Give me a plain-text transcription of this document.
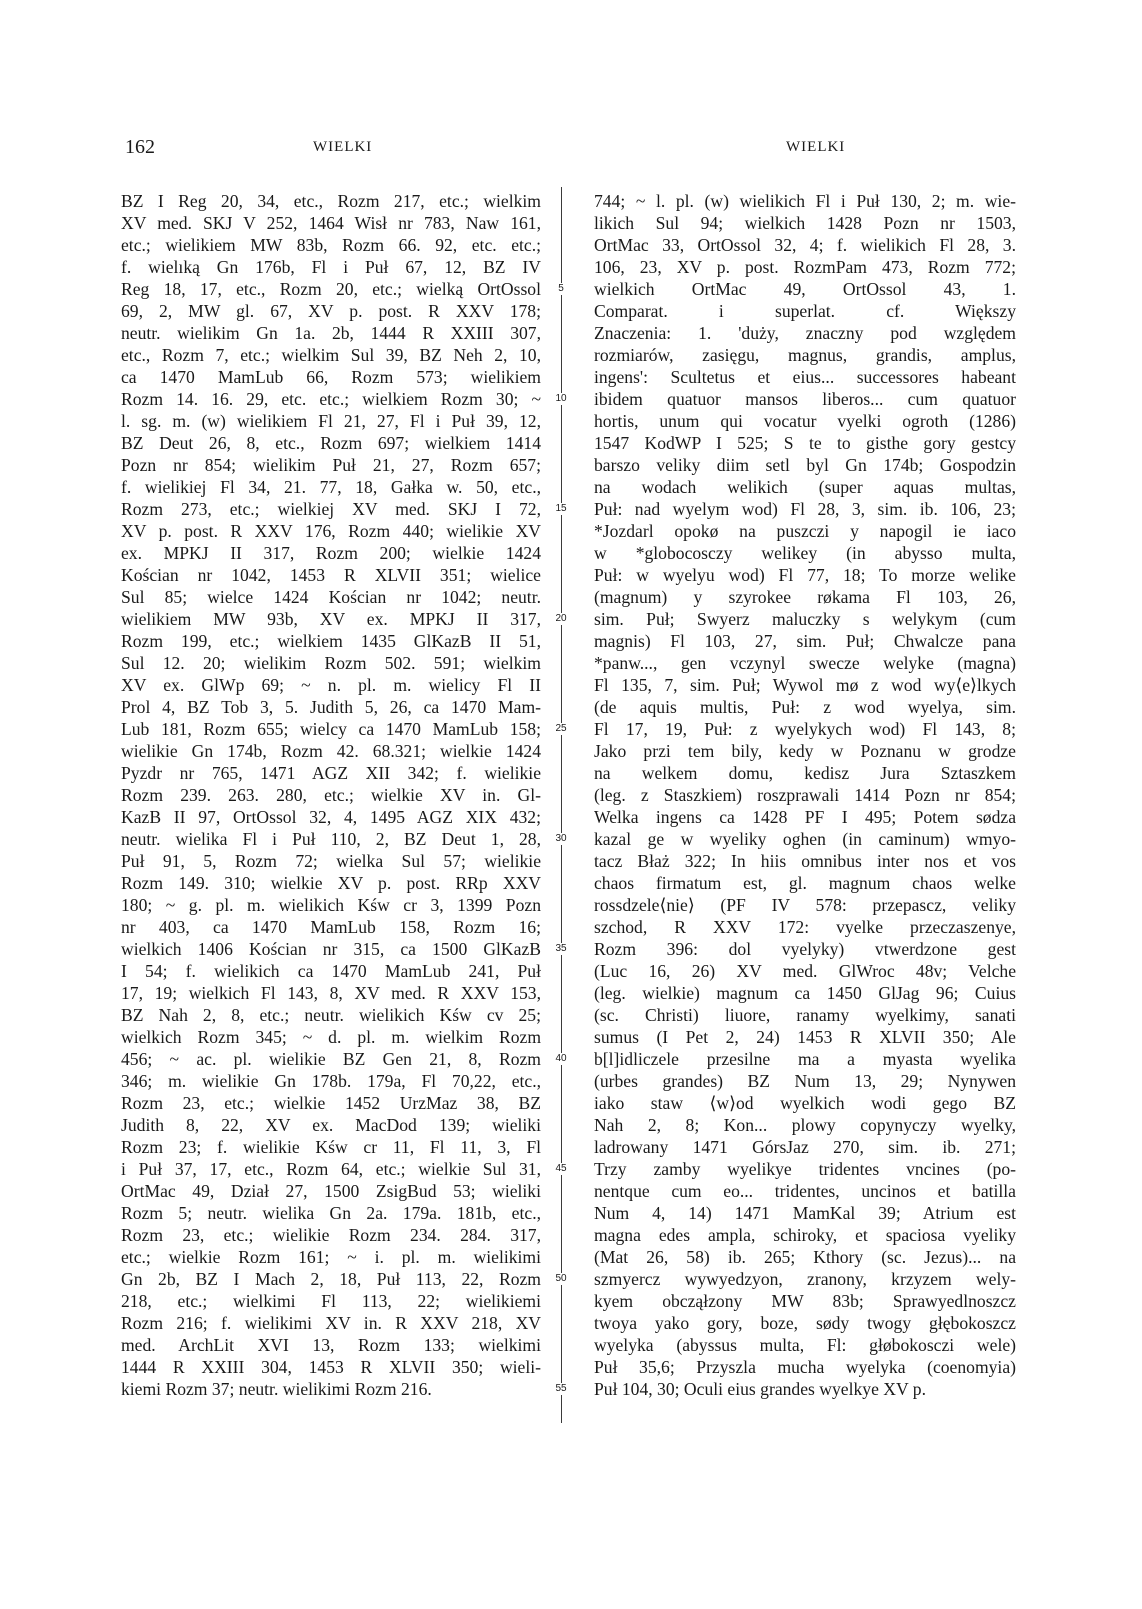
162	WIELKI	WIELKI
BZ I Reg 20, 34, etc., Rozm 217, etc.; wielkim
XV med. SKJ V 252, 1464 Wisł nr 783, Naw 161,
etc.; wielikiem MW 83b, Rozm 66. 92, etc. etc.;
f. wielıką Gn 176b, Fl i Puł 67, 12, BZ IV
Reg 18, 17, etc., Rozm 20, etc.; wielką OrtOssol
69, 2, MW gl. 67, XV p. post. R XXV 178;
neutr. wielikim Gn 1a. 2b, 1444 R XXIII 307,
etc., Rozm 7, etc.; wielkim Sul 39, BZ Neh 2, 10,
ca 1470 MamLub 66, Rozm 573; wielikiem
Rozm 14. 16. 29, etc. etc.; wielkiem Rozm 30; ~
l. sg. m. (w) wielikiem Fl 21, 27, Fl i Puł 39, 12,
BZ Deut 26, 8, etc., Rozm 697; wielkiem 1414
Pozn nr 854; wielikim Puł 21, 27, Rozm 657;
f. wielikiej Fl 34, 21. 77, 18, Gałka w. 50, etc.,
Rozm 273, etc.; wielkiej XV med. SKJ I 72,
XV p. post. R XXV 176, Rozm 440; wielikie XV
ex. MPKJ II 317, Rozm 200; wielkie 1424
Kościan nr 1042, 1453 R XLVII 351; wielice
Sul 85; wielce 1424 Kościan nr 1042; neutr.
wielikiem MW 93b, XV ex. MPKJ II 317,
Rozm 199, etc.; wielkiem 1435 GlKazB II 51,
Sul 12. 20; wielikim Rozm 502. 591; wielkim
XV ex. GlWp 69; ~ n. pl. m. wielicy Fl II
Prol 4, BZ Tob 3, 5. Judith 5, 26, ca 1470 Mam-
Lub 181, Rozm 655; wielcy ca 1470 MamLub 158;
wielikie Gn 174b, Rozm 42. 68.321; wielkie 1424
Pyzdr nr 765, 1471 AGZ XII 342; f. wielikie
Rozm 239. 263. 280, etc.; wielkie XV in. Gl-
KazB II 97, OrtOssol 32, 4, 1495 AGZ XIX 432;
neutr. wielika Fl i Puł 110, 2, BZ Deut 1, 28,
Puł 91, 5, Rozm 72; wielka Sul 57; wielikie
Rozm 149. 310; wielkie XV p. post. RRp XXV
180; ~ g. pl. m. wielikich Kśw cr 3, 1399 Pozn
nr 403, ca 1470 MamLub 158, Rozm 16;
wielkich 1406 Kościan nr 315, ca 1500 GlKazB
I 54; f. wielikich ca 1470 MamLub 241, Puł
17, 19; wielkich Fl 143, 8, XV med. R XXV 153,
BZ Nah 2, 8, etc.; neutr. wielikich Kśw cv 25;
wielkich Rozm 345; ~ d. pl. m. wielkim Rozm
456; ~ ac. pl. wielikie BZ Gen 21, 8, Rozm
346; m. wielikie Gn 178b. 179a, Fl 70,22, etc.,
Rozm 23, etc.; wielkie 1452 UrzMaz 38, BZ
Judith 8, 22, XV ex. MacDod 139; wieliki
Rozm 23; f. wielikie Kśw cr 11, Fl 11, 3, Fl
i Puł 37, 17, etc., Rozm 64, etc.; wielkie Sul 31,
OrtMac 49, Dział 27, 1500 ZsigBud 53; wieliki
Rozm 5; neutr. wielika Gn 2a. 179a. 181b, etc.,
Rozm 23, etc.; wielikie Rozm 234. 284. 317,
etc.; wielkie Rozm 161; ~ i. pl. m. wielikimi
Gn 2b, BZ I Mach 2, 18, Puł 113, 22, Rozm
218, etc.; wielkimi Fl 113, 22; wielikiemi
Rozm 216; f. wielikimi XV in. R XXV 218, XV
med. ArchLit XVI 13, Rozm 133; wielkimi
1444 R XXIII 304, 1453 R XLVII 350; wieli-
kiemi Rozm 37; neutr. wielikimi Rozm 216.
5
10
15
20
25
30
35
40
45
50
55
744; ~ l. pl. (w) wielikich Fl i Puł 130, 2; m. wie-
likich Sul 94; wielkich 1428 Pozn nr 1503,
OrtMac 33, OrtOssol 32, 4; f. wielikich Fl 28, 3.
106, 23, XV p. post. RozmPam 473, Rozm 772;
wielkich OrtMac 49, OrtOssol 43, 1.
Comparat. i superlat. cf. Większy
Znaczenia: 1. 'duży, znaczny pod względem
rozmiarów, zasięgu, magnus, grandis, amplus,
ingens': Scultetus et eius... successores habeant
ibidem quatuor mansos liberos... cum quatuor
hortis, unum qui vocatur vyelki ogroth (1286)
1547 KodWP I 525; S te to gisthe gory gestcy
barszo veliky diim setl byl Gn 174b; Gospodzin
na wodach welikich (super aquas multas,
Puł: nad wyelym wod) Fl 28, 3, sim. ib. 106, 23;
*Jozdarl opokø na puszczi y napogil ie iaco
w *globocosczy welikey (in abysso multa,
Puł: w wyelyu wod) Fl 77, 18; To morze welike
(magnum) y szyrokee røkama Fl 103, 26,
sim. Puł; Swyerz maluczky s welykym (cum
magnis) Fl 103, 27, sim. Puł; Chwalcze pana
*panw..., gen vczynyl swecze welyke (magna)
Fl 135, 7, sim. Puł; Wywol mø z wod wy⟨e⟩lkych
(de aquis multis, Puł: z wod wyelya, sim.
Fl 17, 19, Puł: z wyelykych wod) Fl 143, 8;
Jako przi tem bily, kedy w Poznanu w grodze
na welkem domu, kedisz Jura Sztaszkem
(leg. z Staszkiem) roszprawali 1414 Pozn nr 854;
Welka ingens ca 1428 PF I 495; Potem sødza
kazal ge w wyeliky oghen (in caminum) wmyo-
tacz Błaż 322; In hiis omnibus inter nos et vos
chaos firmatum est, gl. magnum chaos welke
rossdzele⟨nie⟩ (PF IV 578: przepascz, veliky
szchod, R XXV 172: vyelke przeczaszenye,
Rozm 396: dol vyelyky) vtwerdzone gest
(Luc 16, 26) XV med. GlWroc 48v; Velche
(leg. wielkie) magnum ca 1450 GlJag 96; Cuius
(sc. Christi) liuore, ranamy wyelkimy, sanati
sumus (I Pet 2, 24) 1453 R XLVII 350; Ale
b[l]idliczele przesilne ma a myasta wyelika
(urbes grandes) BZ Num 13, 29; Nynywen
iako staw ⟨w⟩od wyelkich wodi gego BZ
Nah 2, 8; Kon... plowy copynyczy wyelky,
ladrowany 1471 GórsJaz 270, sim. ib. 271;
Trzy zamby wyelikye tridentes vncines (po-
nentque cum eo... tridentes, uncinos et batilla
Num 4, 14) 1471 MamKal 39; Atrium est
magna edes ampla, schiroky, et spaciosa vyeliky
(Mat 26, 58) ib. 265; Kthory (sc. Jezus)... na
szmyercz wywyedzyon, zranony, krzyzem wely-
kyem obcząłzony MW 83b; Sprawyedlnoszcz
twoya yako gory, boze, sødy twogy głębokoszcz
wyelyka (abyssus multa, Fl: głøbokosczi wele)
Puł 35,6; Przyszla mucha wyelyka (coenomyia)
Puł 104, 30; Oculi eius grandes wyelkye XV p.
